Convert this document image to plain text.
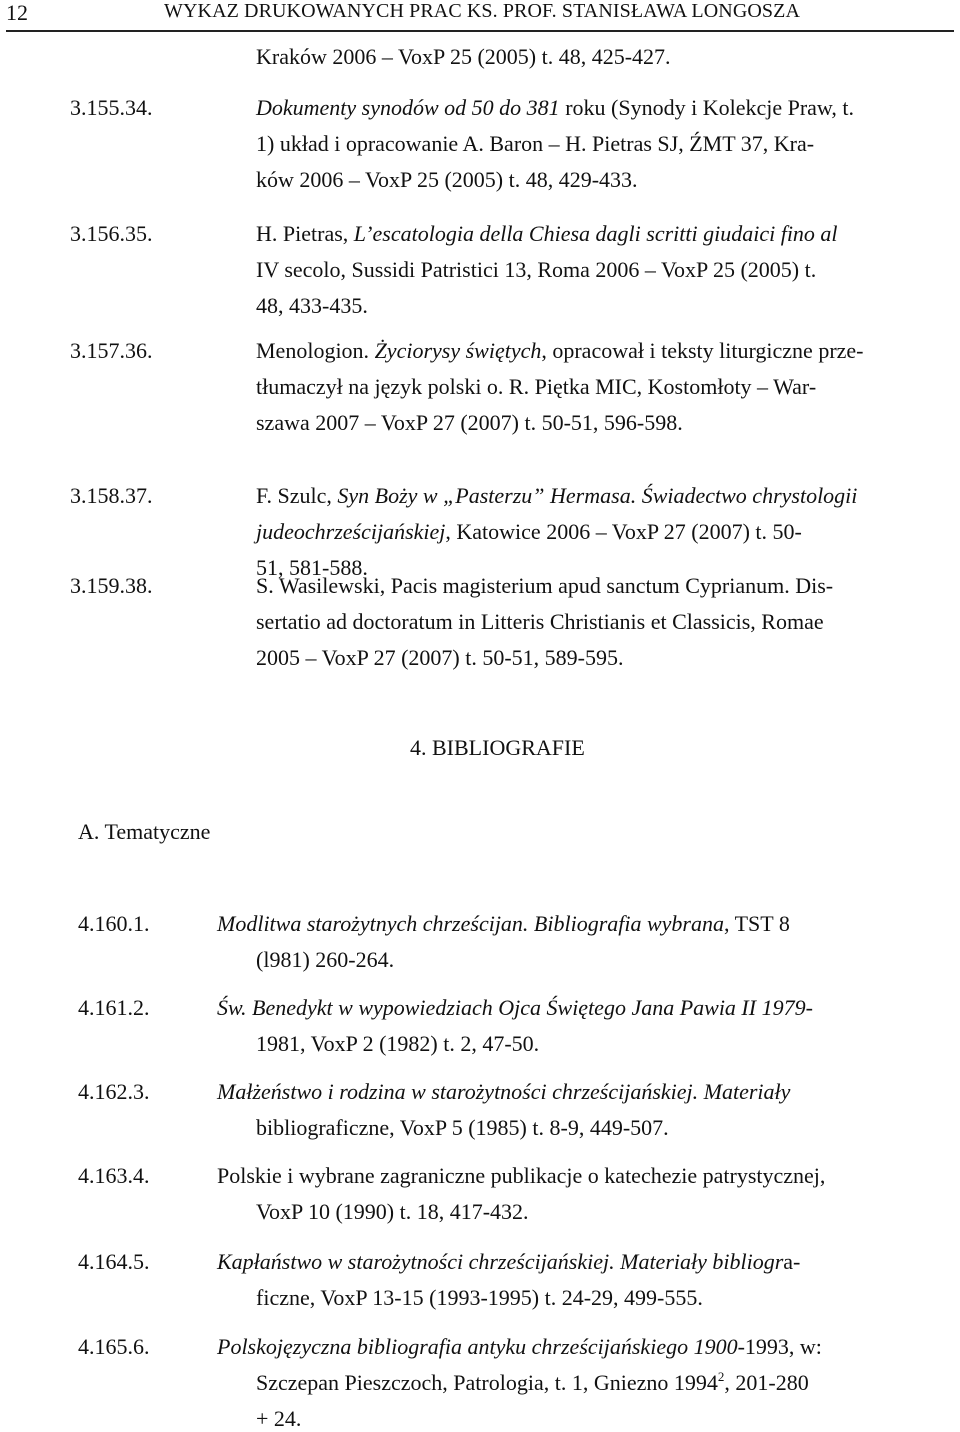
12	WYKAZ DRUKOWANYCH PRAC KS. PROF. STANISŁAWA LONGOSZA
Kraków 2006 ‒ VoxP 25 (2005) t. 48, 425-427.
3.155.34.	Dokumenty synodów od 50 do 381 roku (Synody i Kolekcje Praw, t.
1) układ i opracowanie A. Baron ‒ H. Pietras SJ, ŹMT 37, Kra-
ków 2006 ‒ VoxP 25 (2005) t. 48, 429-433.
3.156.35.	H. Pietras, L’escatologia della Chiesa dagli scritti giudaici fino al
IV secolo, Sussidi Patristici 13, Roma 2006 ‒ VoxP 25 (2005) t.
48, 433-435.
3.157.36.	Menologion. Życiorysy świętych, opracował i teksty liturgiczne prze-
tłumaczył na język polski o. R. Piętka MIC, Kostomłoty ‒ War-
szawa 2007 ‒ VoxP 27 (2007) t. 50-51, 596-598.
3.158.37.	F. Szulc, Syn Boży w „Pasterzu” Hermasa. Świadectwo chrystologii
judeochrześcijańskiej, Katowice 2006 ‒ VoxP 27 (2007) t. 50-
51, 581-588.
3.159.38.	S. Wasilewski, Pacis magisterium apud sanctum Cyprianum. Dis-
sertatio ad doctoratum in Litteris Christianis et Classicis, Romae
2005 ‒ VoxP 27 (2007) t. 50-51, 589-595.
4. BIBLIOGRAFIE
A. Tematyczne
4.160.1.	Modlitwa starożytnych chrześcijan. Bibliografia wybrana, TST 8
(l981) 260-264.
4.161.2.	Św. Benedykt w wypowiedziach Ojca Świętego Jana Pawia II 1979-
1981, VoxP 2 (1982) t. 2, 47-50.
4.162.3.	Małżeństwo i rodzina w starożytności chrześcijańskiej. Materiały
bibliograficzne, VoxP 5 (1985) t. 8-9, 449-507.
4.163.4.	Polskie i wybrane zagraniczne publikacje o katechezie patrystycznej,
VoxP 10 (1990) t. 18, 417-432.
4.164.5.	Kapłaństwo w starożytności chrześcijańskiej. Materiały bibliogra-
ficzne, VoxP 13-15 (1993-1995) t. 24-29, 499-555.
4.165.6.	Polskojęzyczna bibliografia antyku chrześcijańskiego 1900-1993, w:
Szczepan Pieszczoch, Patrologia, t. 1, Gniezno 1994$^2$, 201-280
+ 24.
